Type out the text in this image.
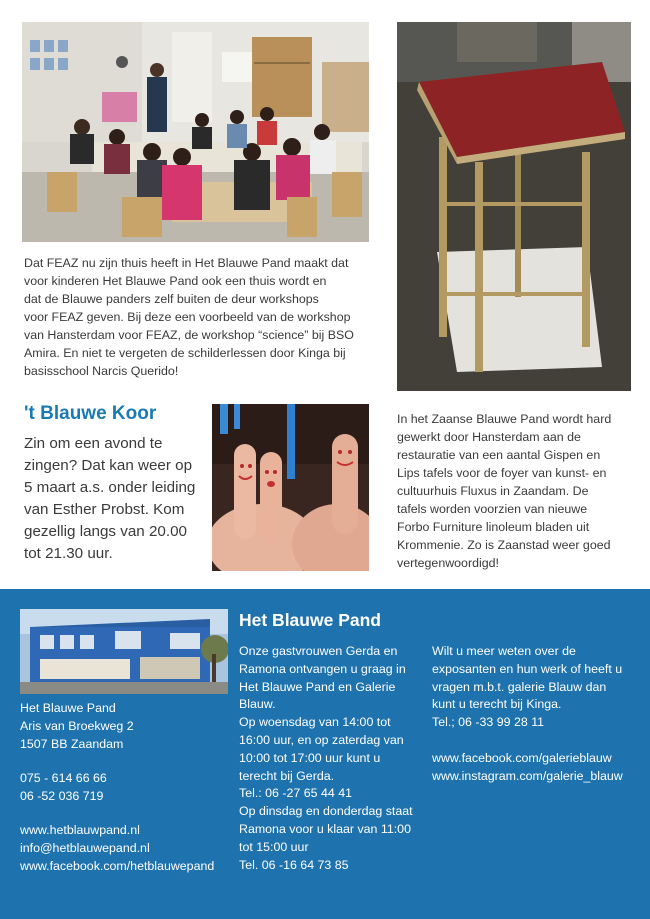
Dat FEAZ nu zijn thuis heeft in Het Blauwe Pand maakt dat
voor kinderen Het Blauwe Pand ook een thuis wordt en
dat de Blauwe panders zelf buiten de deur workshops
voor FEAZ geven. Bij deze een voorbeeld van de workshop
van Hansterdam voor FEAZ, de workshop “science” bij BSO
Amira. En niet te vergeten de schilderlessen door Kinga bij
basisschool Narcis Querido!
't Blauwe Koor
Zin om een avond te
zingen? Dat kan weer op
5 maart a.s. onder leiding
van Esther Probst. Kom
gezellig langs van 20.00
tot 21.30 uur.
In het Zaanse Blauwe Pand wordt hard
gewerkt door Hansterdam aan de
restauratie van een aantal Gispen en
Lips tafels voor de foyer van kunst- en
cultuurhuis Fluxus in Zaandam. De
tafels worden voorzien van nieuwe
Forbo Furniture linoleum bladen uit
Krommenie. Zo is Zaanstad weer goed
vertegenwoordigd!
Het Blauwe Pand
Aris van Broekweg 2
1507 BB Zaandam
075 - 614 66 66
06 -52 036 719
www.hetblauwpand.nl
info@hetblauwepand.nl
www.facebook.com/hetblauwepand
Het Blauwe Pand
Onze gastvrouwen Gerda en
Ramona ontvangen u graag in
Het Blauwe Pand en Galerie
Blauw.
Op woensdag van 14:00 tot
16:00 uur, en op zaterdag van
10:00 tot 17:00 uur kunt u
terecht bij Gerda.
Tel.: 06 -27 65 44 41
Op dinsdag en donderdag staat
Ramona voor u klaar van 11:00
tot 15:00 uur
Tel. 06 -16 64 73 85
Wilt u meer weten over de
exposanten en hun werk of heeft u
vragen m.b.t. galerie Blauw dan
kunt u terecht bij Kinga.
Tel.; 06 -33 99 28 11
www.facebook.com/galerieblauw
www.instagram.com/galerie_blauw
